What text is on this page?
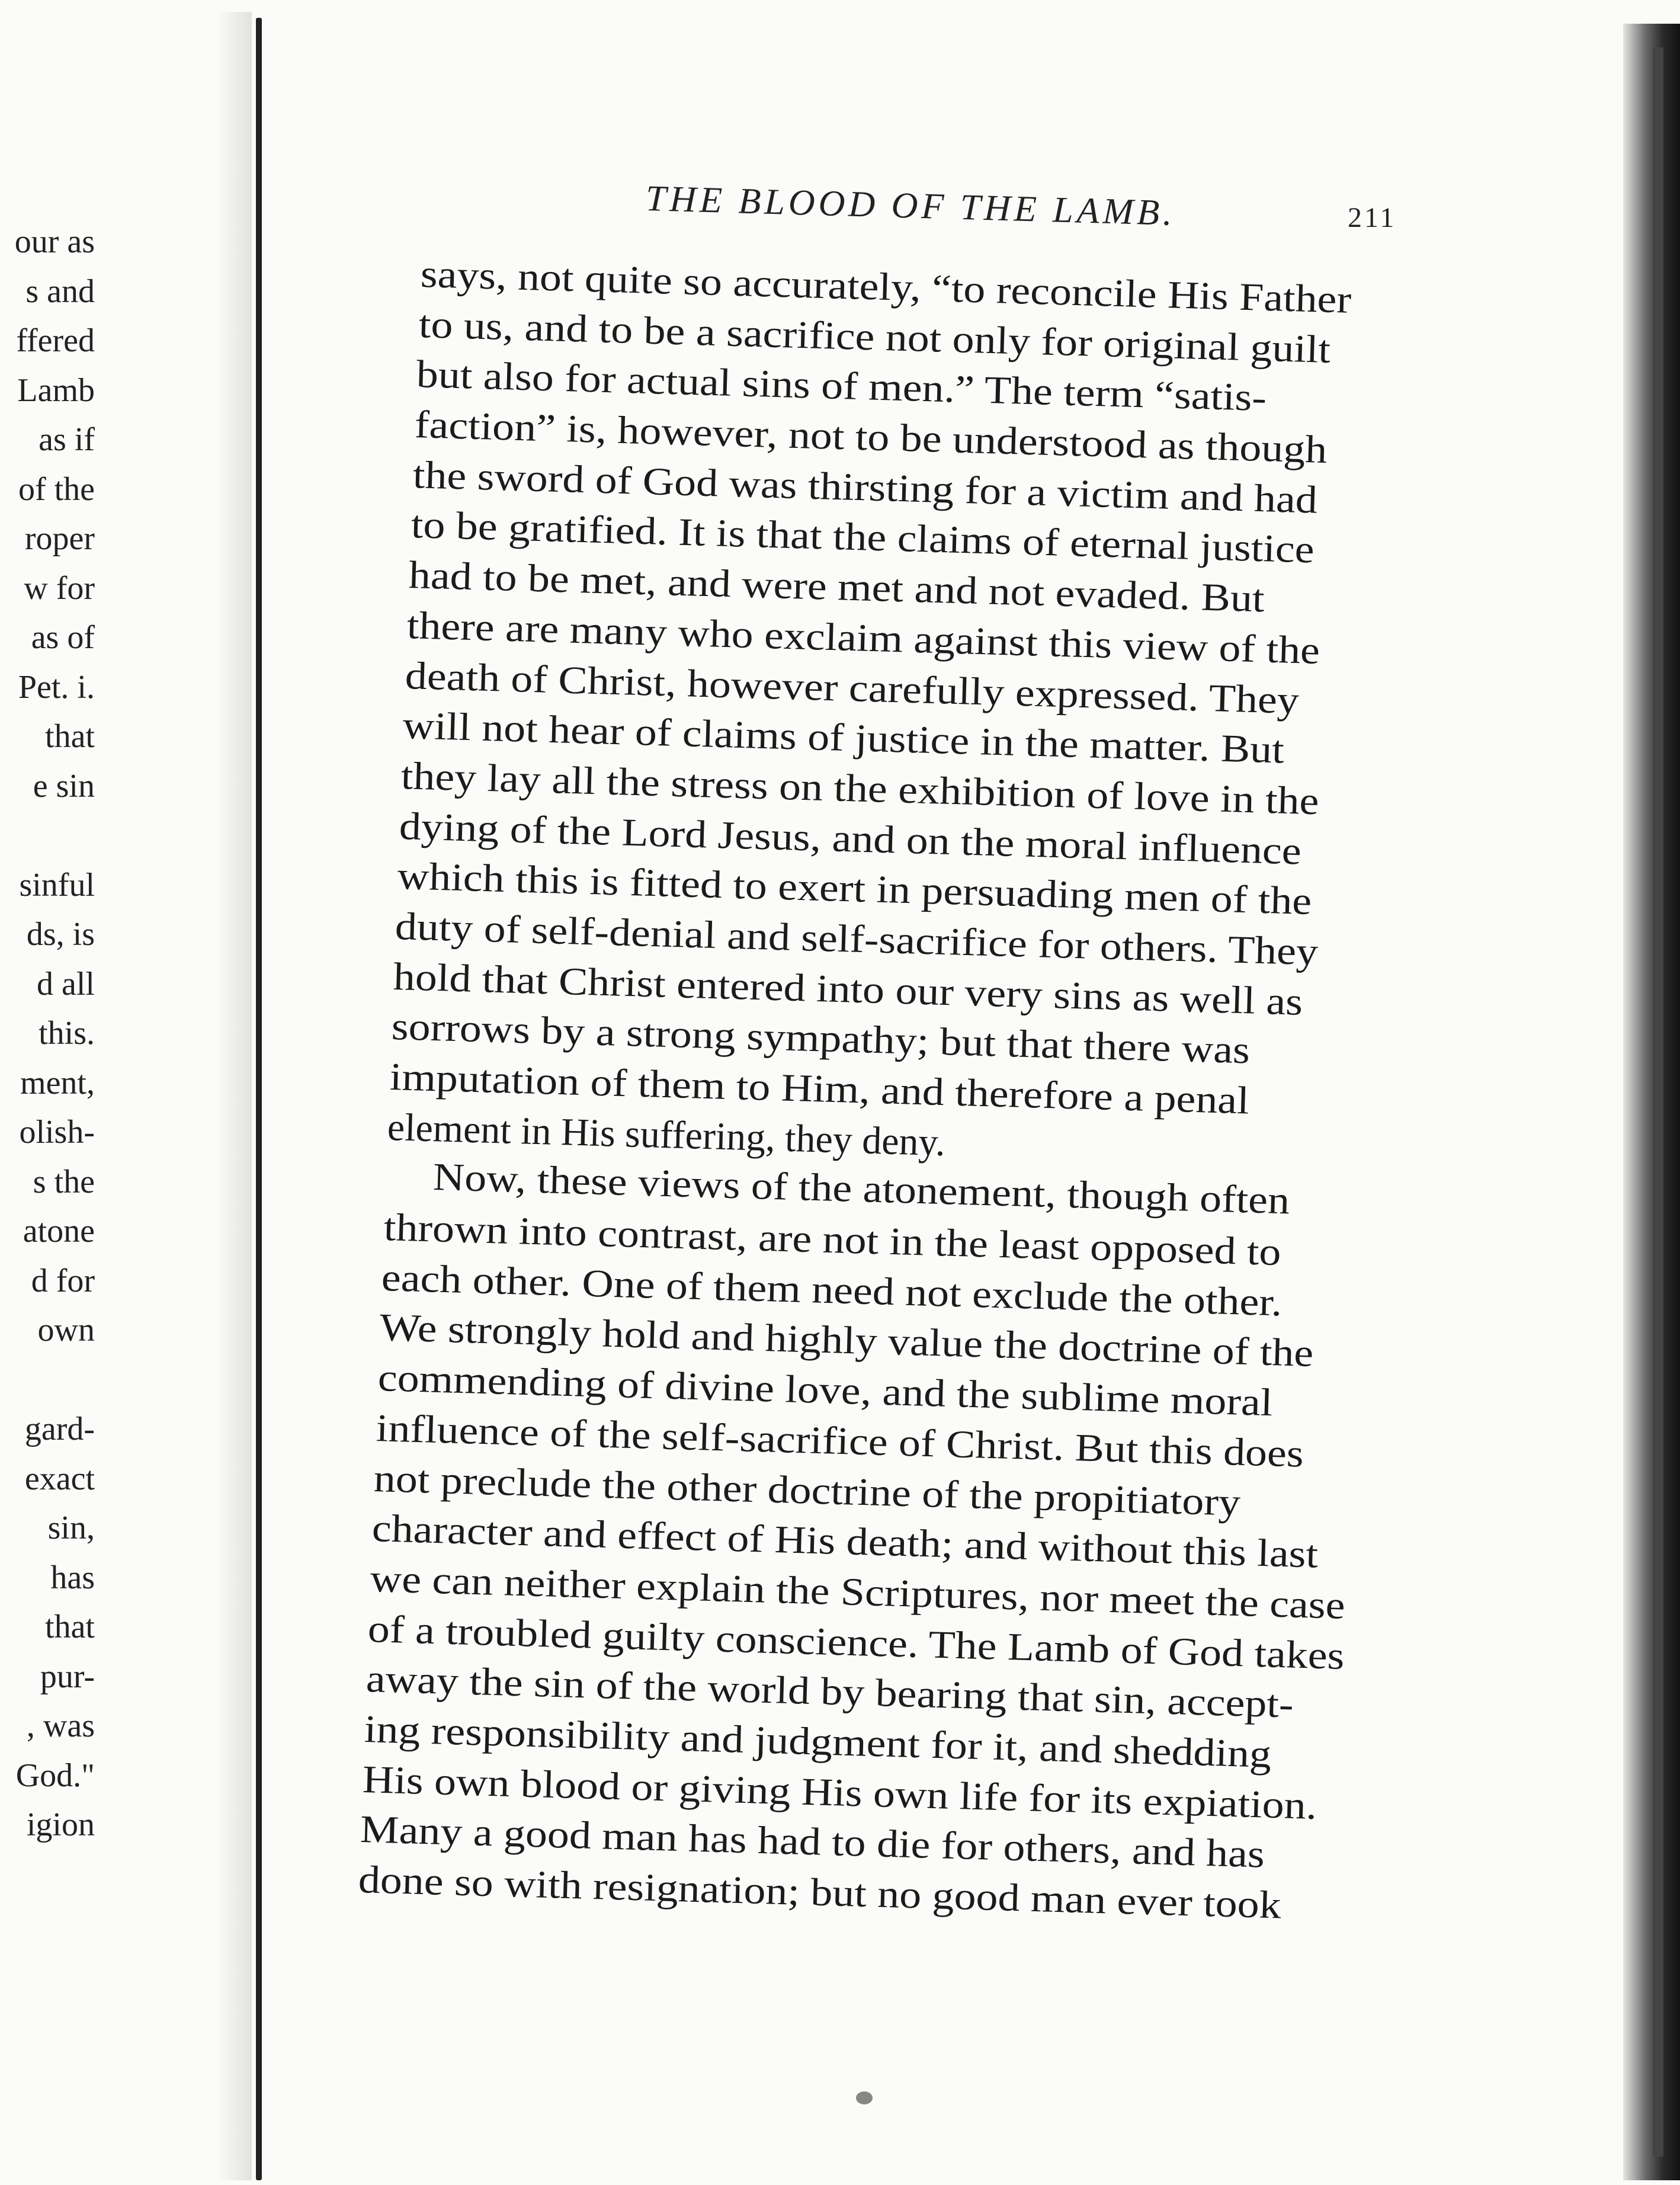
our as
s and
ffered
Lamb
as if
of the
roper
w for
as of
Pet. i.
that
e sin
sinful
ds, is
d all
this.
ment,
olish-
s the
atone
d for
own
gard-
exact
sin,
has
that
pur-
, was
God."
igion
THE BLOOD OF THE LAMB.	211
says, not quite so accurately, “to reconcile His Father
to us, and to be a sacrifice not only for original guilt
but also for actual sins of men.” The term “satis-
faction” is, however, not to be understood as though
the sword of God was thirsting for a victim and had
to be gratified. It is that the claims of eternal justice
had to be met, and were met and not evaded. But
there are many who exclaim against this view of the
death of Christ, however carefully expressed. They
will not hear of claims of justice in the matter. But
they lay all the stress on the exhibition of love in the
dying of the Lord Jesus, and on the moral influence
which this is fitted to exert in persuading men of the
duty of self-denial and self-sacrifice for others. They
hold that Christ entered into our very sins as well as
sorrows by a strong sympathy; but that there was
imputation of them to Him, and therefore a penal
element in His suffering, they deny.
Now, these views of the atonement, though often
thrown into contrast, are not in the least opposed to
each other. One of them need not exclude the other.
We strongly hold and highly value the doctrine of the
commending of divine love, and the sublime moral
influence of the self-sacrifice of Christ. But this does
not preclude the other doctrine of the propitiatory
character and effect of His death; and without this last
we can neither explain the Scriptures, nor meet the case
of a troubled guilty conscience. The Lamb of God takes
away the sin of the world by bearing that sin, accept-
ing responsibility and judgment for it, and shedding
His own blood or giving His own life for its expiation.
Many a good man has had to die for others, and has
done so with resignation; but no good man ever took
